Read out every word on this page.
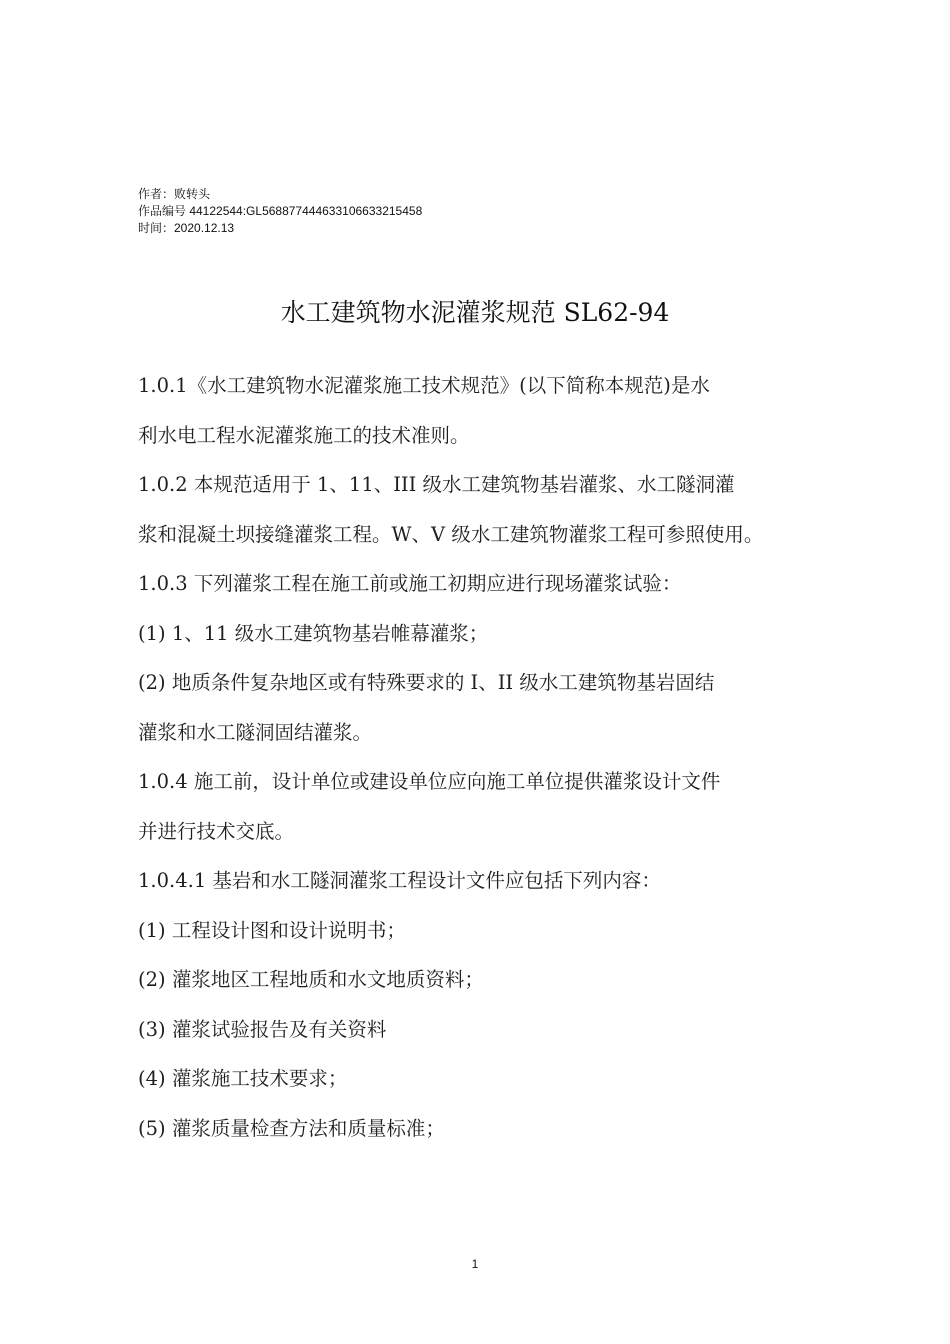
作者：败转头
作品编号 44122544:GL568877444633106633215458
时间：2020.12.13
水工建筑物水泥灌浆规范 SL62-94
1.0.1《水工建筑物水泥灌浆施工技术规范》(以下简称本规范)是水
利水电工程水泥灌浆施工的技术准则。
1.0.2 本规范适用于 1、11、III 级水工建筑物基岩灌浆、水工隧洞灌
浆和混凝土坝接缝灌浆工程。W、V 级水工建筑物灌浆工程可参照使用。
1.0.3 下列灌浆工程在施工前或施工初期应进行现场灌浆试验：
(1) 1、11 级水工建筑物基岩帷幕灌浆；
(2) 地质条件复杂地区或有特殊要求的 I、II 级水工建筑物基岩固结
灌浆和水工隧洞固结灌浆。
1.0.4 施工前，设计单位或建设单位应向施工单位提供灌浆设计文件
并进行技术交底。
1.0.4.1 基岩和水工隧洞灌浆工程设计文件应包括下列内容：
(1) 工程设计图和设计说明书；
(2) 灌浆地区工程地质和水文地质资料；
(3) 灌浆试验报告及有关资料
(4) 灌浆施工技术要求；
(5) 灌浆质量检查方法和质量标准；
1
